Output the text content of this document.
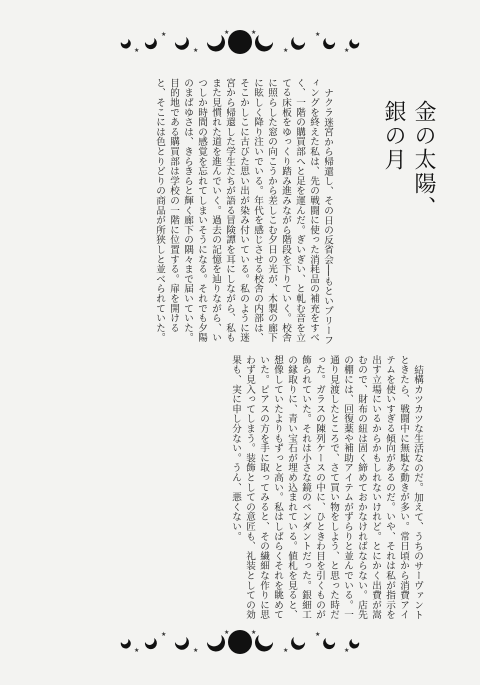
★
★
★	★
★
★
★	★
金の太陽、
銀の月

ナクラ迷宮から帰還し、その日の反省会──もといブリーフィングを終えた私は、先の戦闘に使った消耗品の補充をすべく、一階の購買部へと足を運んだ。ぎいぎい、と軋む音を立てる床板をゆっくり踏み進みながら階段を下りていく。校舎に照らした窓の向こうから差しこむ夕日の光が、木製の廊下に眩しく降り注いでいる。年代を感じさせる校舎の内部は、そこかしこに古びた思い出が染み付いている。私のように迷宮から帰還した学生たちが語る冒険譚を耳にしながら、私もまた見慣れた道を進んでいく。過去の記憶を辿りながら、いつしか時間の感覚を忘れてしまいそうになる。それでも夕陽のまばゆさは、きらきらと輝く廊下の隅々まで届いていた。目的地である購買部は学校の一階に位置する。扉を開けると、そこには色とりどりの商品が所狭しと並べられていた。

結構カツカツな生活なのだ。加えて、うちのサーヴァントときたら、戦闘中に無駄な動きが多い。常日頃から消費アイテムを使いすぎる傾向があるのだ。いや、それは私が指示を出す立場にいるからかもしれないけれど。とにかく出費が嵩むので、財布の紐は固く締めておかなければならない。店先の棚には、回復薬や補助アイテムがずらりと並んでいる。一通り見渡したところで、さて買い物をしよう、と思った時だった。ガラスの陳列ケースの中に、ひときわ目を引くものが飾られていた。それは小さな鏡のペンダントだった。銀細工の縁取りに、青い宝石が埋め込まれている。値札を見ると、想像していたよりもずっと高い。私はしばらくそれを眺めていた。ピアスの方を手に取ってみると、その繊細な作りに思わず見入ってしまう。装飾としての意匠も、礼装としての効果も、実に申し分ない。うん、悪くない。

★
★
★	★
★
★
★	★
